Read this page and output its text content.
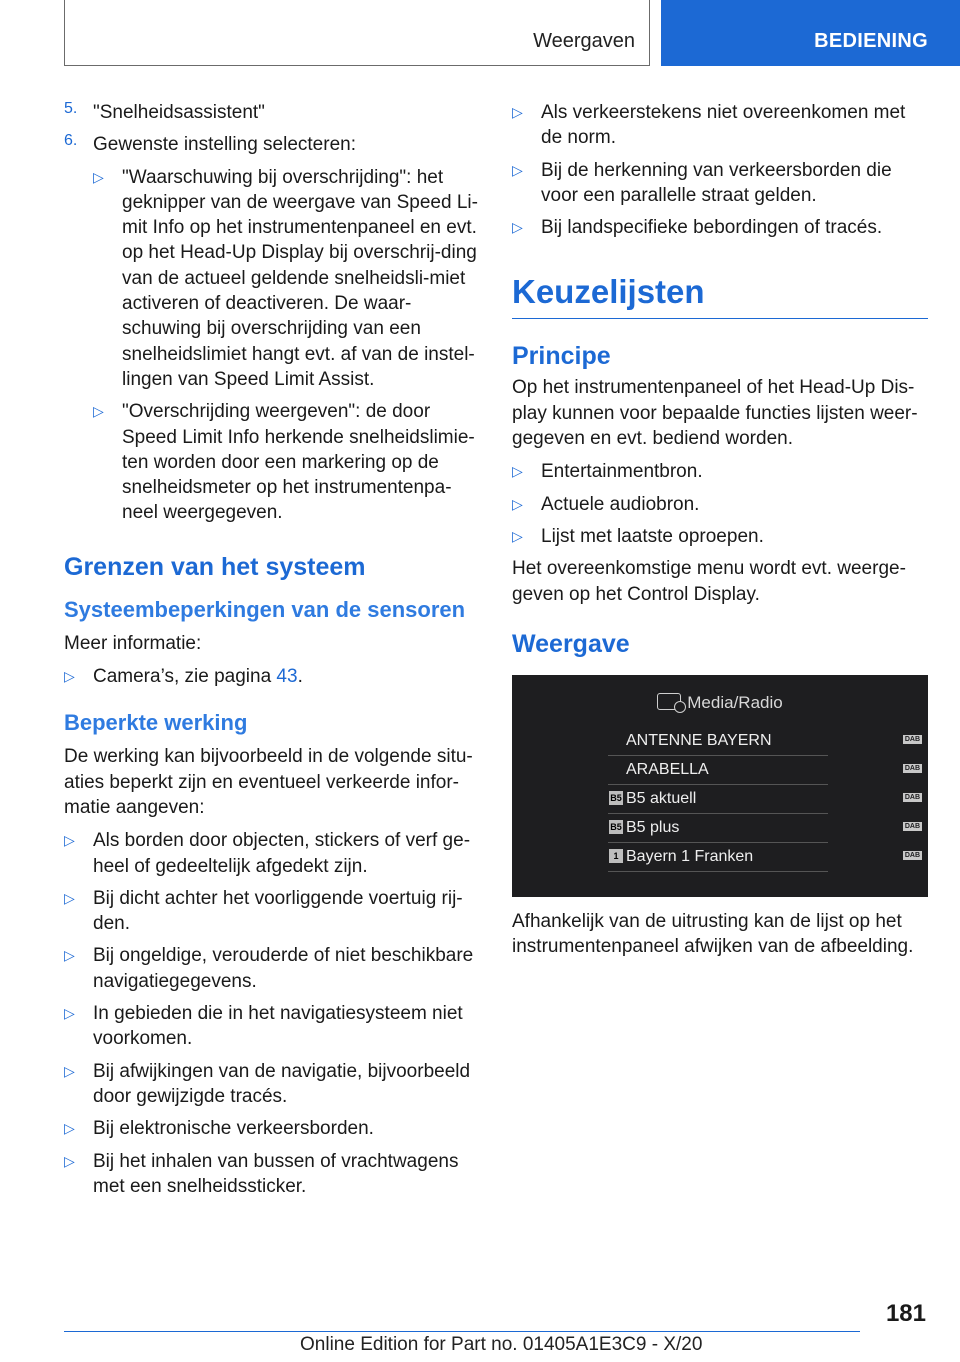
Weergaven	BEDIENING
5. "Snelheidsassistent"

6. Gewenste instelling selecteren:

▷ "Waarschuwing bij overschrijding": het geknipper van de weergave van Speed Li-mit Info op het instrumentenpaneel en evt. op het Head-Up Display bij overschrij-ding van de actueel geldende snelheidsli-miet activeren of deactiveren. De waar-schuwing bij overschrijding van een snelheidslimiet hangt evt. af van de instel-lingen van Speed Limit Assist.
▷ "Overschrijding weergeven": de door Speed Limit Info herkende snelheidslimie-ten worden door een markering op de snelheidsmeter op het instrumentenpa-neel weergegeven.
Grenzen van het systeem
Systeembeperkingen van de sensoren

Meer informatie:

▷ Camera’s, zie pagina 43.
Beperkte werking

De werking kan bijvoorbeeld in de volgende situ-aties beperkt zijn en eventueel verkeerde infor-matie aangeven:

▷ Als borden door objecten, stickers of verf ge-heel of gedeeltelijk afgedekt zijn.
▷ Bij dicht achter het voorliggende voertuig rij-den.
▷ Bij ongeldige, verouderde of niet beschikbare navigatiegegevens.
▷ In gebieden die in het navigatiesysteem niet voorkomen.
▷ Bij afwijkingen van de navigatie, bijvoorbeeld door gewijzigde tracés.
▷ Bij elektronische verkeersborden.
▷ Bij het inhalen van bussen of vrachtwagens met een snelheidssticker.
▷ Als verkeerstekens niet overeenkomen met de norm.
▷ Bij de herkenning van verkeersborden die voor een parallelle straat gelden.
▷ Bij landspecifieke bebordingen of tracés.
Keuzelijsten
Principe

Op het instrumentenpaneel of het Head-Up Dis-play kunnen voor bepaalde functies lijsten weer-gegeven en evt. bediend worden.

▷ Entertainmentbron.
▷ Actuele audiobron.
▷ Lijst met laatste oproepen.

Het overeenkomstige menu wordt evt. weerge-geven op het Control Display.

Weergave
Media/Radio
ANTENNE BAYERN	DAB
ARABELLA	DAB
B5 B5 aktuell	DAB
B5 B5 plus	DAB
1 Bayern 1 Franken	DAB

Afhankelijk van de uitrusting kan de lijst op het instrumentenpaneel afwijken van de afbeelding.

181
Online Edition for Part no. 01405A1E3C9 - X/20
